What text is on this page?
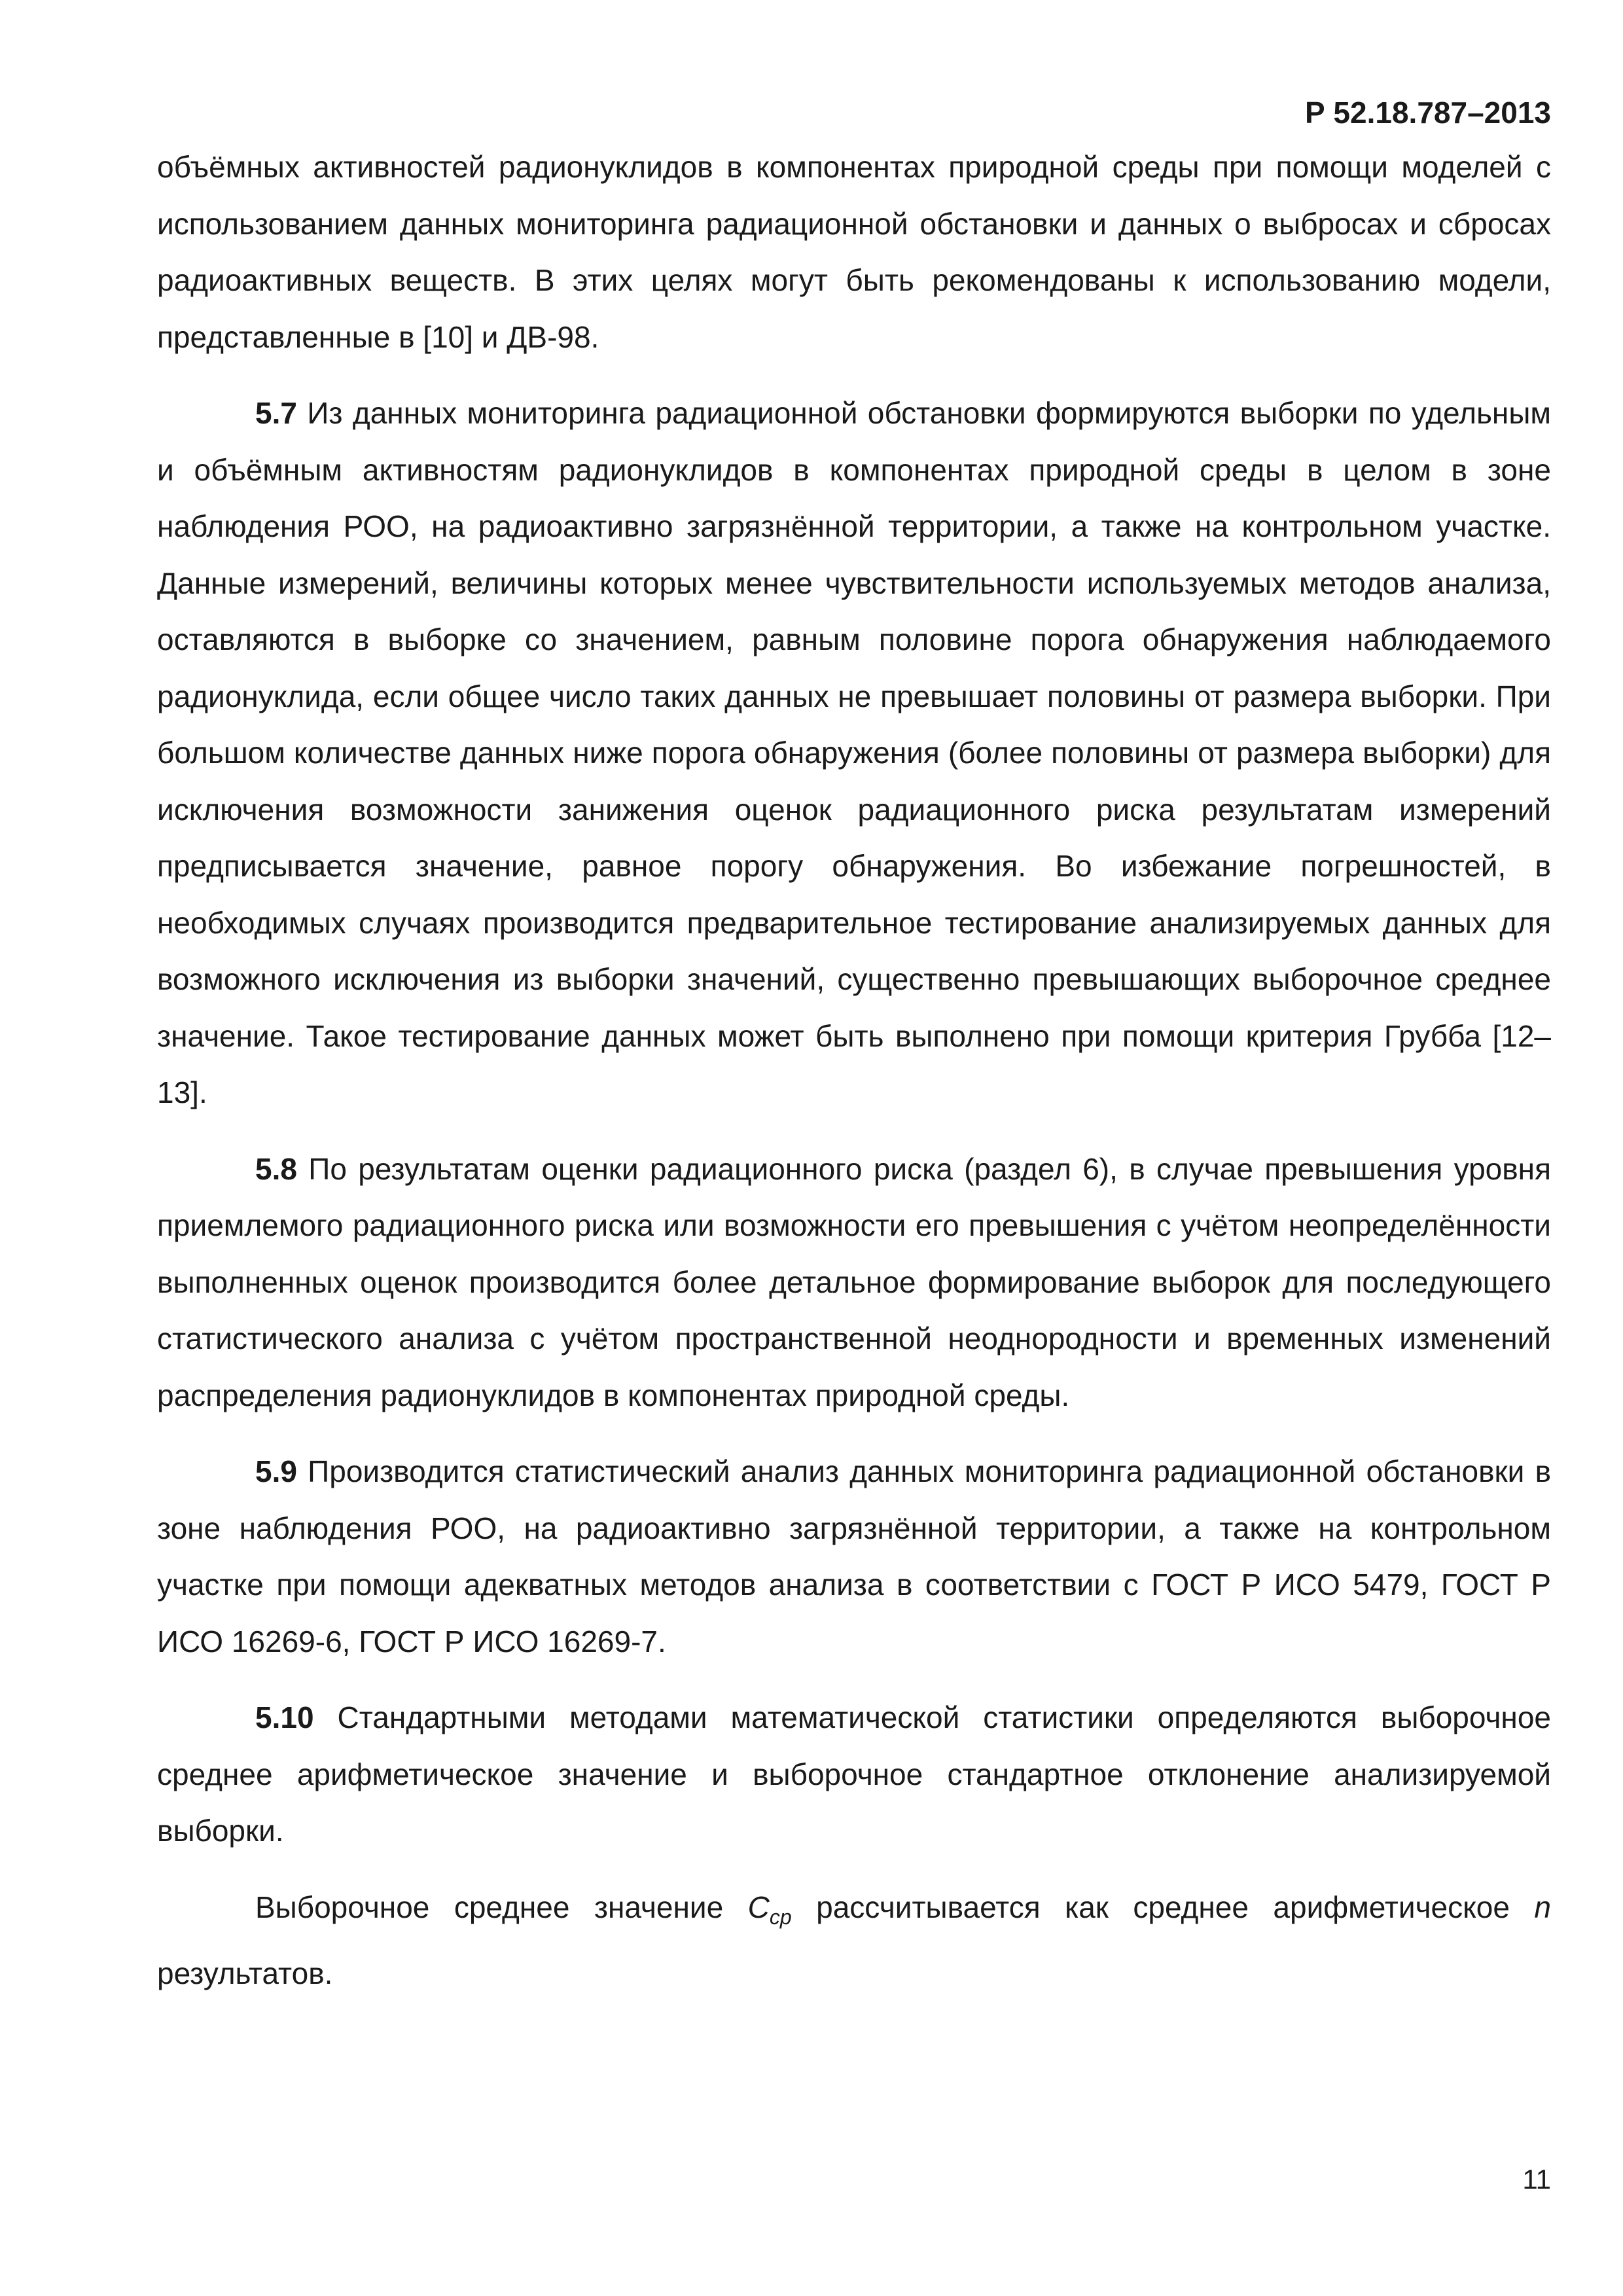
Р 52.18.787–2013

объёмных активностей радионуклидов в компонентах природной среды при помощи моделей с использованием данных мониторинга радиационной обстановки и данных о выбросах и сбросах радиоактивных веществ. В этих целях могут быть рекомендованы к использованию модели, представленные в [10] и ДВ-98.

5.7 Из данных мониторинга радиационной обстановки формируются выборки по удельным и объёмным активностям радионуклидов в компонентах природной среды в целом в зоне наблюдения РОО, на радиоактивно загрязнённой территории, а также на контрольном участке. Данные измерений, величины которых менее чувствительности используемых методов анализа, оставляются в выборке со значением, равным половине порога обнаружения наблюдаемого радионуклида, если общее число таких данных не превышает половины от размера выборки. При большом количестве данных ниже порога обнаружения (более половины от размера выборки) для исключения возможности занижения оценок радиационного риска результатам измерений предписывается значение, равное порогу обнаружения. Во избежание погрешностей, в необходимых случаях производится предварительное тестирование анализируемых данных для возможного исключения из выборки значений, существенно превышающих выборочное среднее значение. Такое тестирование данных может быть выполнено при помощи критерия Грубба [12–13].

5.8 По результатам оценки радиационного риска (раздел 6), в случае превышения уровня приемлемого радиационного риска или возможности его превышения с учётом неопределённости выполненных оценок производится более детальное формирование выборок для последующего статистического анализа с учётом пространственной неоднородности и временных изменений распределения радионуклидов в компонентах природной среды.

5.9 Производится статистический анализ данных мониторинга радиационной обстановки в зоне наблюдения РОО, на радиоактивно загрязнённой территории, а также на контрольном участке при помощи адекватных методов анализа в соответствии с ГОСТ Р ИСО 5479, ГОСТ Р ИСО 16269-6, ГОСТ Р ИСО 16269-7.

5.10 Стандартными методами математической статистики определяются выборочное среднее арифметическое значение и выборочное стандартное отклонение анализируемой выборки.

Выборочное среднее значение $С_{ср}$ рассчитывается как среднее арифметическое n результатов.

11
